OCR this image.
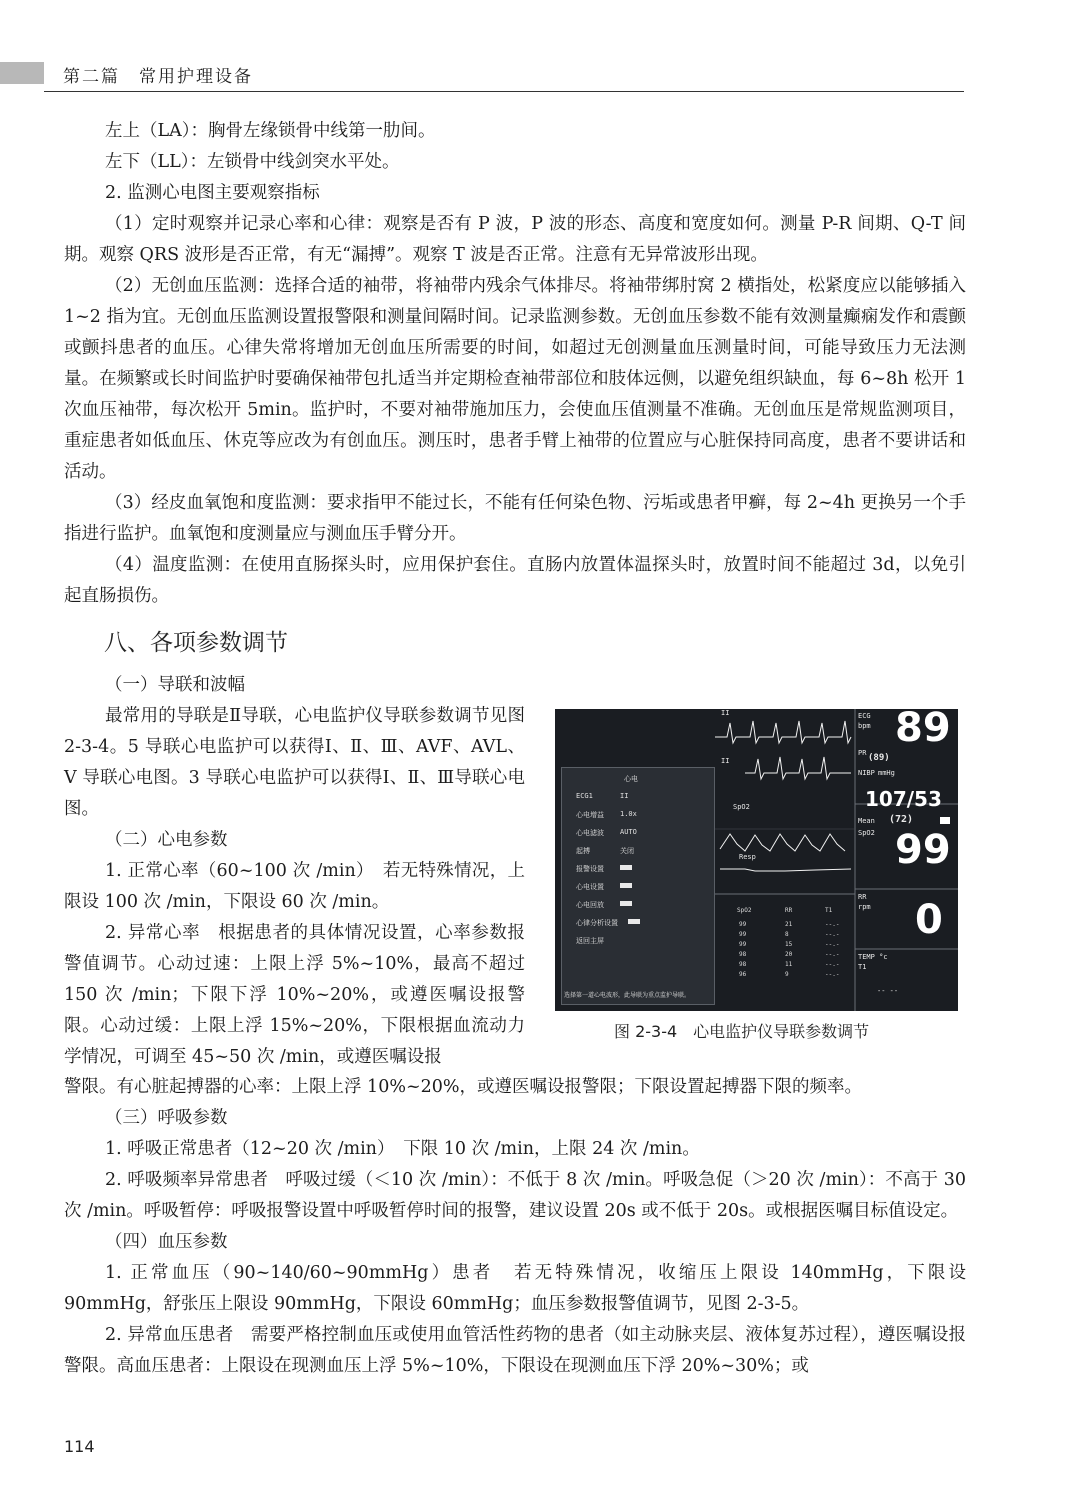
第二篇　常用护理设备

左上（LA）：胸骨左缘锁骨中线第一肋间。

左下（LL）：左锁骨中线剑突水平处。

2. 监测心电图主要观察指标

（1）定时观察并记录心率和心律：观察是否有 P 波，P 波的形态、高度和宽度如何。测量 P-R 间期、Q-T 间期。观察 QRS 波形是否正常，有无“漏搏”。观察 T 波是否正常。注意有无异常波形出现。

（2）无创血压监测：选择合适的袖带，将袖带内残余气体排尽。将袖带绑肘窝 2 横指处，松紧度应以能够插入 1~2 指为宜。无创血压监测设置报警限和测量间隔时间。记录监测参数。无创血压参数不能有效测量癫痫发作和震颤或颤抖患者的血压。心律失常将增加无创血压所需要的时间，如超过无创测量血压测量时间，可能导致压力无法测量。在频繁或长时间监护时要确保袖带包扎适当并定期检查袖带部位和肢体远侧，以避免组织缺血，每 6~8h 松开 1 次血压袖带，每次松开 5min。监护时，不要对袖带施加压力，会使血压值测量不准确。无创血压是常规监测项目，重症患者如低血压、休克等应改为有创血压。测压时，患者手臂上袖带的位置应与心脏保持同高度，患者不要讲话和活动。

（3）经皮血氧饱和度监测：要求指甲不能过长，不能有任何染色物、污垢或患者甲癣，每 2~4h 更换另一个手指进行监护。血氧饱和度测量应与测血压手臂分开。

（4）温度监测：在使用直肠探头时，应用保护套住。直肠内放置体温探头时，放置时间不能超过 3d，以免引起直肠损伤。

八、各项参数调节

（一）导联和波幅

最常用的导联是Ⅱ导联，心电监护仪导联参数调节见图 2-3-4。5 导联心电监护可以获得Ⅰ、Ⅱ、Ⅲ、AVF、AVL、V 导联心电图。3 导联心电监护可以获得Ⅰ、Ⅱ、Ⅲ导联心电图。

（二）心电参数

1. 正常心率（60~100 次 /min）　若无特殊情况，上限设 100 次 /min，下限设 60 次 /min。

2. 异常心率　根据患者的具体情况设置，心率参数报警值调节。心动过速：上限上浮 5%~10%，最高不超过 150 次 /min；下限下浮 10%~20%，或遵医嘱设报警限。心动过缓：上限上浮 15%~20%，下限根据血流动力学情况，可调至 45~50 次 /min，或遵医嘱设报

警限。有心脏起搏器的心率：上限上浮 10%~20%，或遵医嘱设报警限；下限设置起搏器下限的频率。

（三）呼吸参数

1. 呼吸正常患者（12~20 次 /min）　下限 10 次 /min，上限 24 次 /min。

2. 呼吸频率异常患者　呼吸过缓（＜10 次 /min）：不低于 8 次 /min。呼吸急促（＞20 次 /min）：不高于 30 次 /min。呼吸暂停：呼吸报警设置中呼吸暂停时间的报警，建议设置 20s 或不低于 20s。或根据医嘱目标值设定。

（四）血压参数

1. 正常血压（90~140/60~90mmHg）患者　若无特殊情况，收缩压上限设 140mmHg，下限设 90mmHg，舒张压上限设 90mmHg，下限设 60mmHg；血压参数报警值调节，见图 2-3-5。

2. 异常血压患者　需要严格控制血压或使用血管活性药物的患者（如主动脉夹层、液体复苏过程），遵医嘱设报警限。高血压患者：上限设在现测血压上浮 5%~10%，下限设在现测血压下浮 20%~30%；或

II
II
SpO2
Resp
ECG
bpm 89
PR (89)
NIBP mmHg
107/53
Mean (72)
SpO2 99
RR
rpm 0
TEMP °c
T1
-- --
心电
ECG1	II
心电增益 1.0x
心电滤波 AUTO
起搏	关闭
报警设置
心电设置
心电回放
心律分析设置
返回主屏
选择第一道心电波形，此导联为重点监护导联。
SpO2	RR	T1
99	21	--.-
99	8	--.-
99	15	--.-
98	20	--.-
98	11	--.-
96	9	--.-
图 2-3-4　心电监护仪导联参数调节
114
